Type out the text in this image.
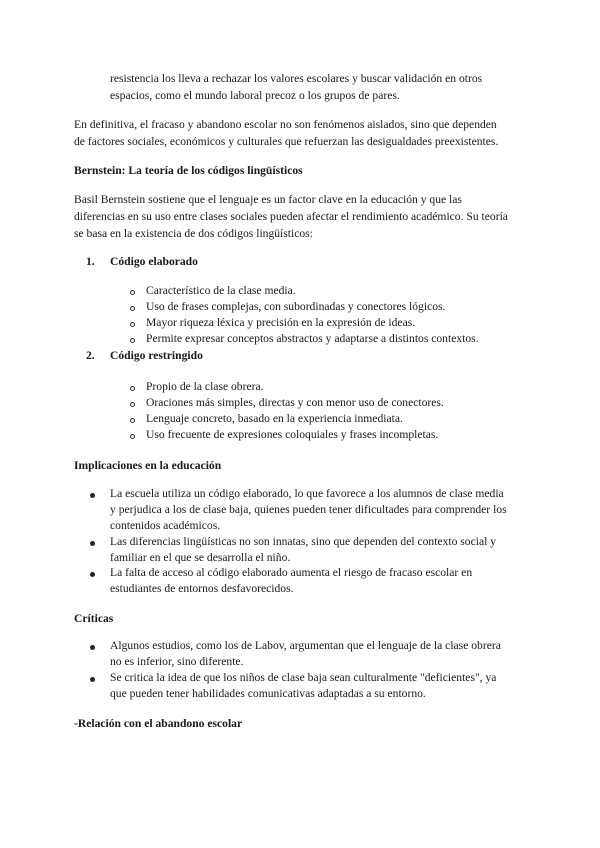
resistencia los lleva a rechazar los valores escolares y buscar validación en otros
espacios, como el mundo laboral precoz o los grupos de pares.
En definitiva, el fracaso y abandono escolar no son fenómenos aislados, sino que dependen
de factores sociales, económicos y culturales que refuerzan las desigualdades preexistentes.
Bernstein: La teoría de los códigos lingüísticos
Basil Bernstein sostiene que el lenguaje es un factor clave en la educación y que las
diferencias en su uso entre clases sociales pueden afectar el rendimiento académico. Su teoría
se basa en la existencia de dos códigos lingüísticos:
1.	Código elaborado
Característico de la clase media.
Uso de frases complejas, con subordinadas y conectores lógicos.
Mayor riqueza léxica y precisión en la expresión de ideas.
Permite expresar conceptos abstractos y adaptarse a distintos contextos.
2.	Código restringido
Propio de la clase obrera.
Oraciones más simples, directas y con menor uso de conectores.
Lenguaje concreto, basado en la experiencia inmediata.
Uso frecuente de expresiones coloquiales y frases incompletas.
Implicaciones en la educación
La escuela utiliza un código elaborado, lo que favorece a los alumnos de clase media
y perjudica a los de clase baja, quienes pueden tener dificultades para comprender los
contenidos académicos.
Las diferencias lingüísticas no son innatas, sino que dependen del contexto social y
familiar en el que se desarrolla el niño.
La falta de acceso al código elaborado aumenta el riesgo de fracaso escolar en
estudiantes de entornos desfavorecidos.
Críticas
Algunos estudios, como los de Labov, argumentan que el lenguaje de la clase obrera
no es inferior, sino diferente.
Se critica la idea de que los niños de clase baja sean culturalmente "deficientes", ya
que pueden tener habilidades comunicativas adaptadas a su entorno.
-Relación con el abandono escolar
